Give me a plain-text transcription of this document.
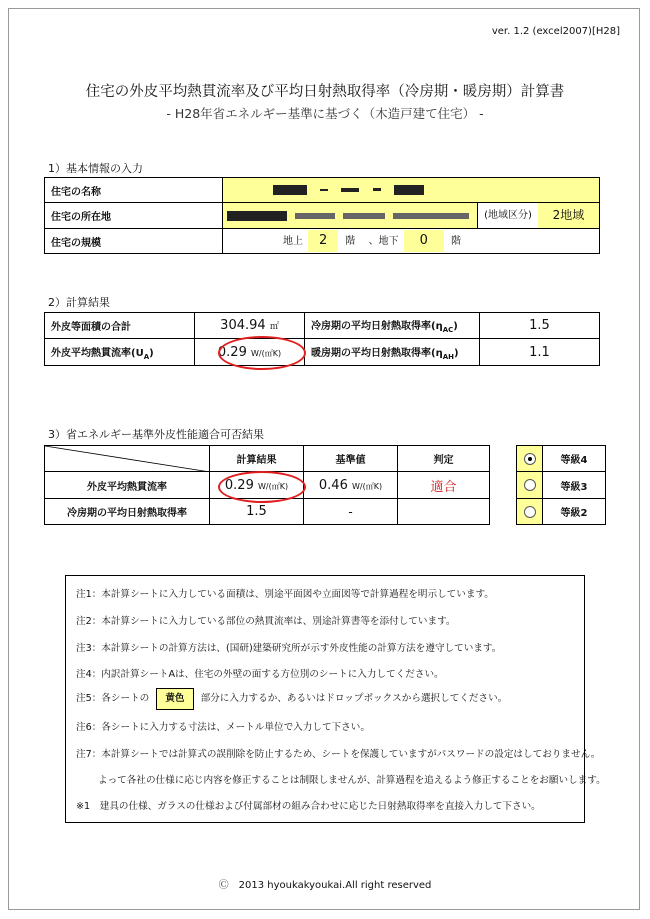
ver. 1.2 (excel2007)[H28]
住宅の外皮平均熱貫流率及び平均日射熱取得率（冷房期・暖房期）計算書
- H28年省エネルギー基準に基づく（木造戸建て住宅） -
1）基本情報の入力
住宅の名称	
住宅の所在地	(地域区分) 2地域

住宅の規模	地上 2 階 、地下 0 階
2）計算結果
外皮等面積の合計	304.94 ㎡	冷房期の平均日射熱取得率$(\eta_{AC})$	1.5
外皮平均熱貫流率$(U_A)$	0.29 W/(㎡K)	暖房期の平均日射熱取得率$(\eta_{AH})$	1.1
3）省エネルギー基準外皮性能適合可否結果
	計算結果	基準値	判定
外皮平均熱貫流率	0.29 W/(㎡K)	0.46 W/(㎡K)	適合
冷房期の平均日射熱取得率	1.5	-	
	等級4
	等級3
	等級2
注1：本計算シートに入力している面積は、別途平面図や立面図等で計算過程を明示しています。
注2：本計算シートに入力している部位の熱貫流率は、別途計算書等を添付しています。
注3：本計算シートの計算方法は、(国研)建築研究所が示す外皮性能の計算方法を遵守しています。
注4：内訳計算シートAは、住宅の外壁の面する方位別のシートに入力してください。
注5：各シートの 黄色 部分に入力するか、あるいはドロップボックスから選択してください。
注6：各シートに入力する寸法は、メートル単位で入力して下さい。
注7：本計算シートでは計算式の誤削除を防止するため、シートを保護していますがパスワードの設定はしておりません。
よって各社の仕様に応じ内容を修正することは制限しませんが、計算過程を追えるよう修正することをお願いします。
※1　建具の仕様、ガラスの仕様および付属部材の組み合わせに応じた日射熱取得率を直接入力して下さい。
Ⓒ　2013 hyoukakyoukai.All right reserved
